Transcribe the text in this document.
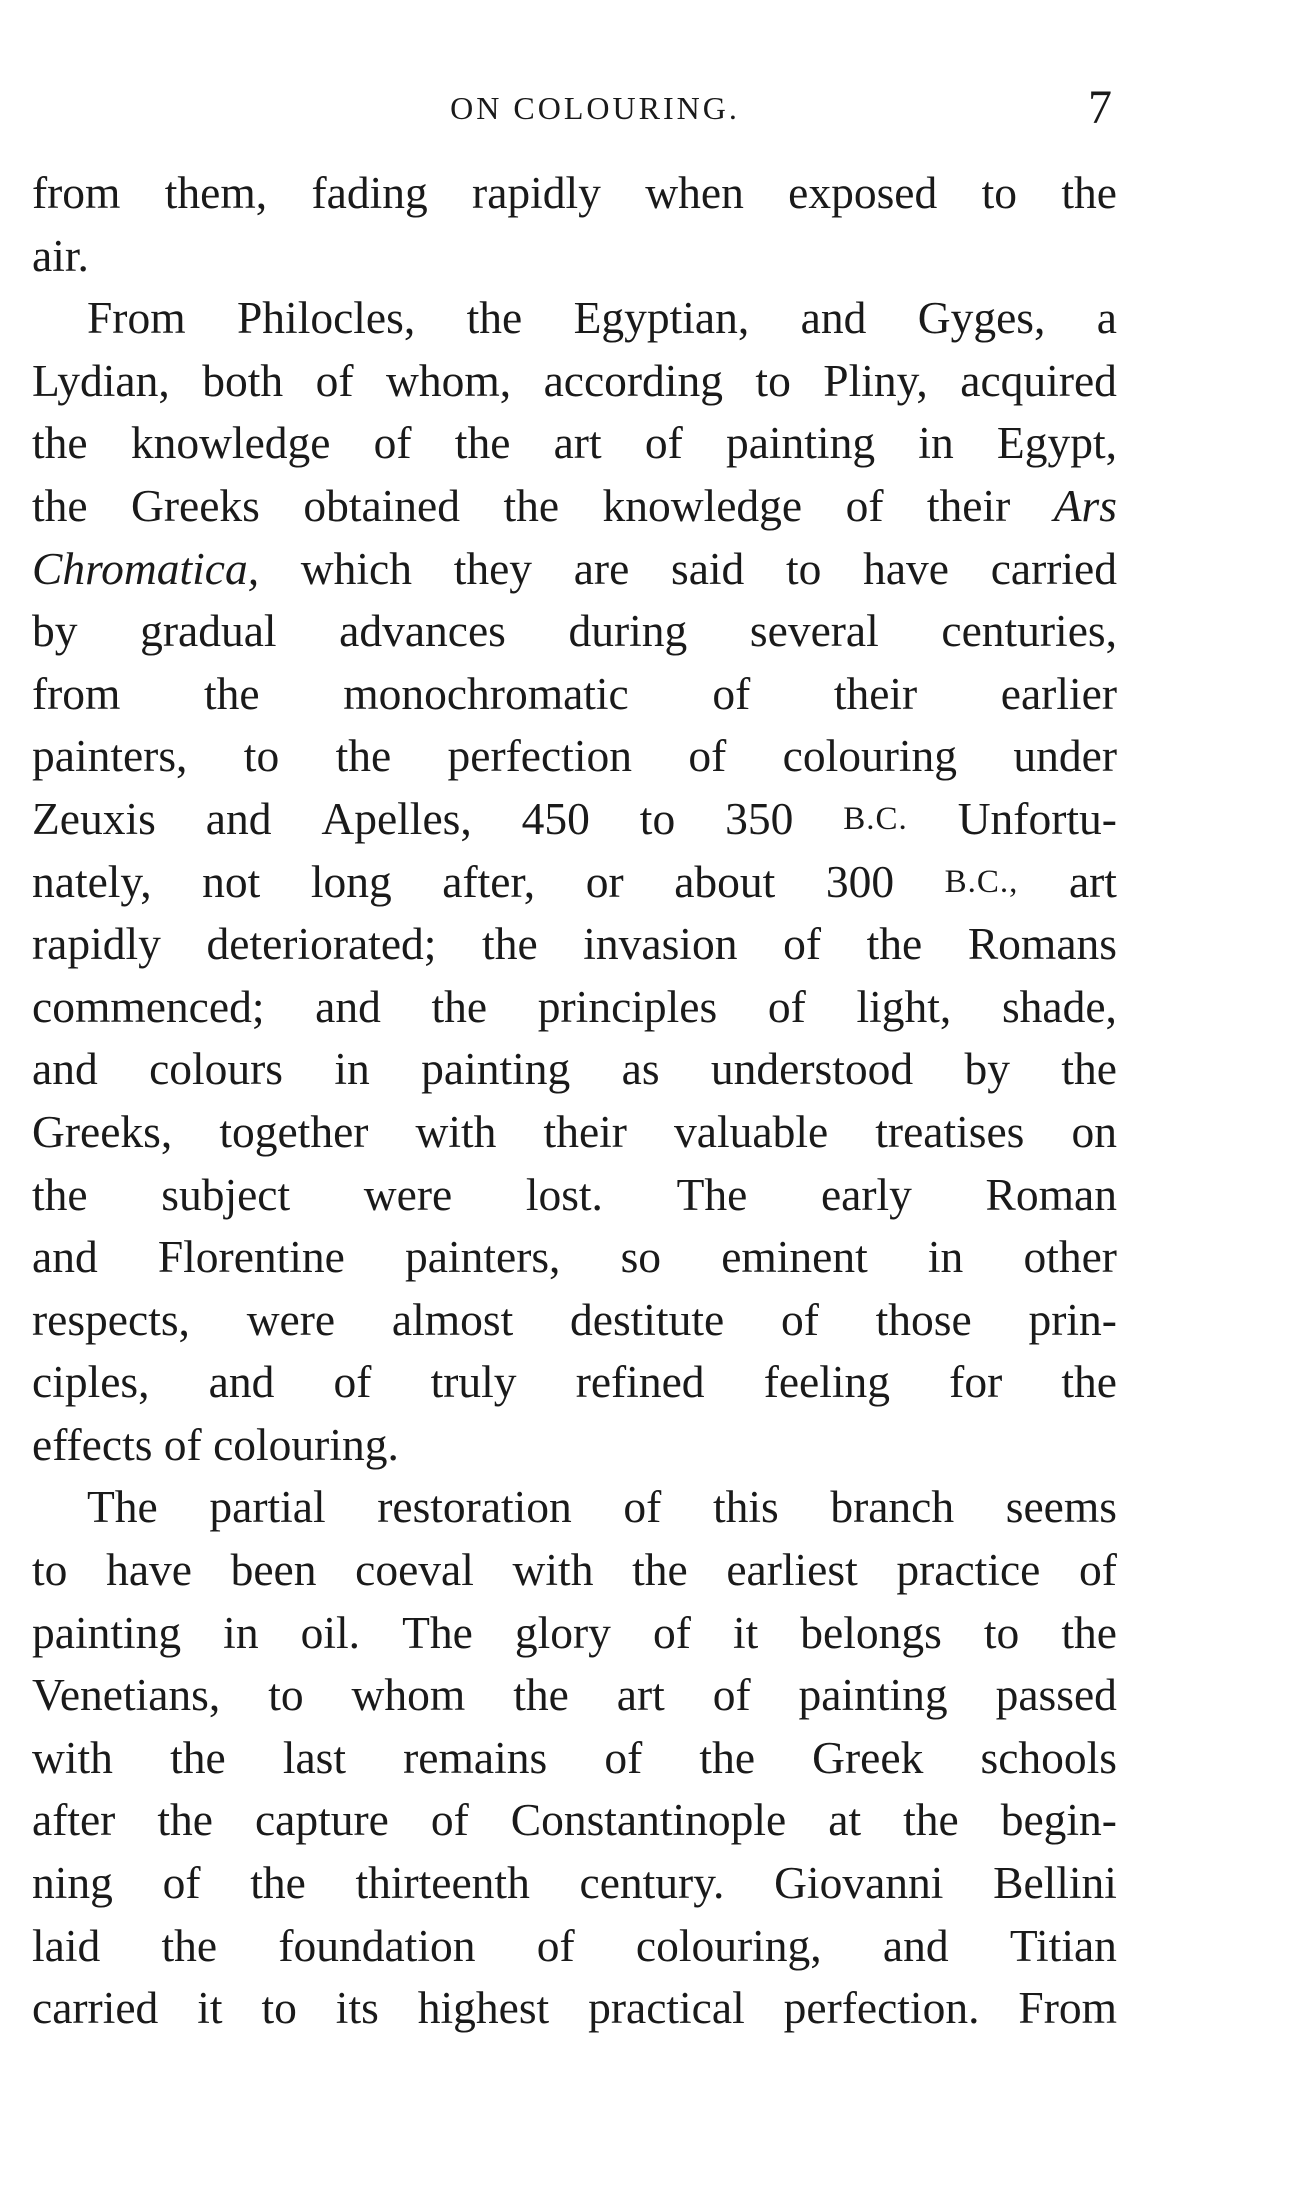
ON COLOURING.	7
from them, fading rapidly when exposed to the
air.
From Philocles, the Egyptian, and Gyges, a
Lydian, both of whom, according to Pliny, acquired
the knowledge of the art of painting in Egypt,
the Greeks obtained the knowledge of their Ars
Chromatica, which they are said to have carried
by gradual advances during several centuries,
from the monochromatic of their earlier
painters, to the perfection of colouring under
Zeuxis and Apelles, 450 to 350 B.C. Unfortu-
nately, not long after, or about 300 B.C., art
rapidly deteriorated; the invasion of the Romans
commenced; and the principles of light, shade,
and colours in painting as understood by the
Greeks, together with their valuable treatises on
the subject were lost. The early Roman
and Florentine painters, so eminent in other
respects, were almost destitute of those prin-
ciples, and of truly refined feeling for the
effects
of
colouring.
The partial restoration of this branch seems
to have been coeval with the earliest practice of
painting in oil. The glory of it belongs to the
Venetians, to whom the art of painting passed
with the last remains of the Greek schools
after the capture of Constantinople at the begin-
ning of the thirteenth century. Giovanni Bellini
laid the foundation of colouring, and Titian
carried it to its highest practical perfection. From
